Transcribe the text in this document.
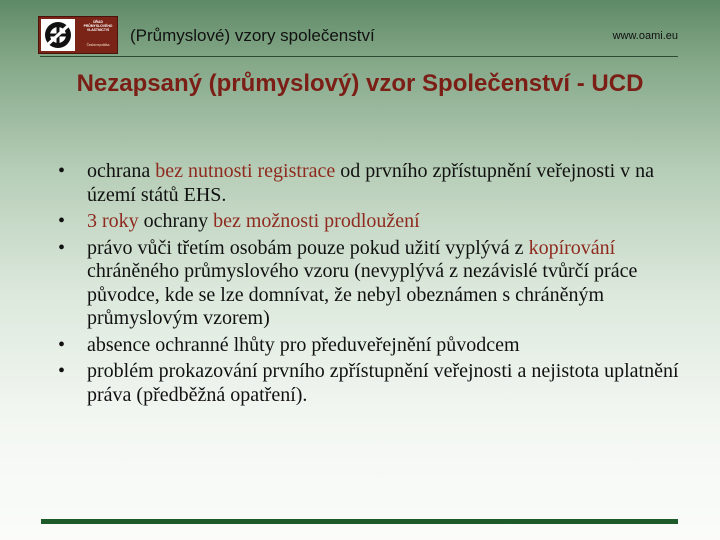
ÚŘAD PRŮMYSLOVÉHO VLASTNICTVÍ
Česká republika	(Průmyslové) vzory společenství	www.oami.eu
Nezapsaný (průmyslový) vzor Společenství - UCD
• ochrana bez nutnosti registrace od prvního zpřístupnění veřejnosti v na území států EHS.
• 3 roky ochrany bez možnosti prodloužení
• právo vůči třetím osobám pouze pokud užití vyplývá z kopírování chráněného průmyslového vzoru (nevyplývá z nezávislé tvůrčí práce původce, kde se lze domnívat, že nebyl obeznámen s chráněným průmyslovým vzorem)
• absence ochranné lhůty pro předuveřejnění původcem
• problém prokazování prvního zpřístupnění veřejnosti a nejistota uplatnění práva (předběžná opatření).
